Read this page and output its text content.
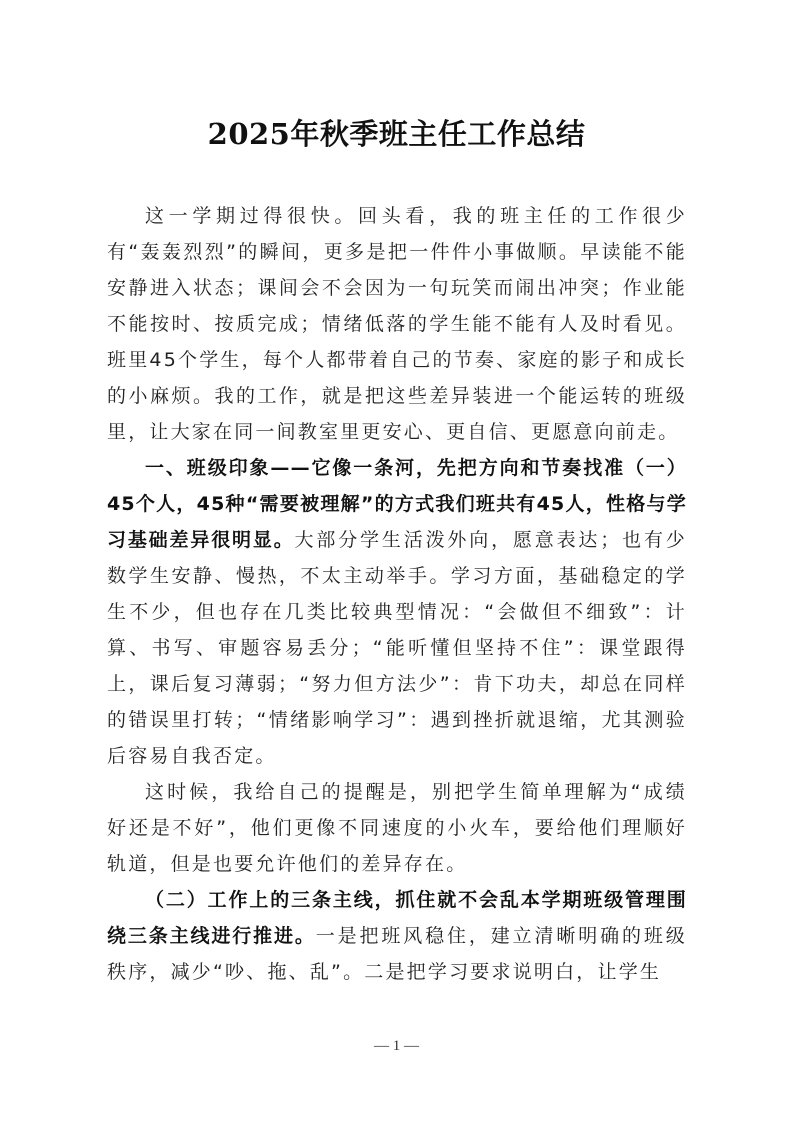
2025年秋季班主任工作总结

这一学期过得很快。回头看，我的班主任的工作很少有“轰轰烈烈”的瞬间，更多是把一件件小事做顺。早读能不能安静进入状态；课间会不会因为一句玩笑而闹出冲突；作业能不能按时、按质完成；情绪低落的学生能不能有人及时看见。班里45个学生，每个人都带着自己的节奏、家庭的影子和成长的小麻烦。我的工作，就是把这些差异装进一个能运转的班级里，让大家在同一间教室里更安心、更自信、更愿意向前走。

一、班级印象——它像一条河，先把方向和节奏找准（一）45个人，45种“需要被理解”的方式我们班共有45人，性格与学习基础差异很明显。大部分学生活泼外向，愿意表达；也有少数学生安静、慢热，不太主动举手。学习方面，基础稳定的学生不少，但也存在几类比较典型情况：“会做但不细致”：计算、书写、审题容易丢分；“能听懂但坚持不住”：课堂跟得上，课后复习薄弱；“努力但方法少”：肯下功夫，却总在同样的错误里打转；“情绪影响学习”：遇到挫折就退缩，尤其测验后容易自我否定。

这时候，我给自己的提醒是，别把学生简单理解为“成绩好还是不好”，他们更像不同速度的小火车，要给他们理顺好轨道，但是也要允许他们的差异存在。

（二）工作上的三条主线，抓住就不会乱本学期班级管理围绕三条主线进行推进。一是把班风稳住，建立清晰明确的班级秩序，减少“吵、拖、乱”。二是把学习要求说明白，让学生

— 1 —
